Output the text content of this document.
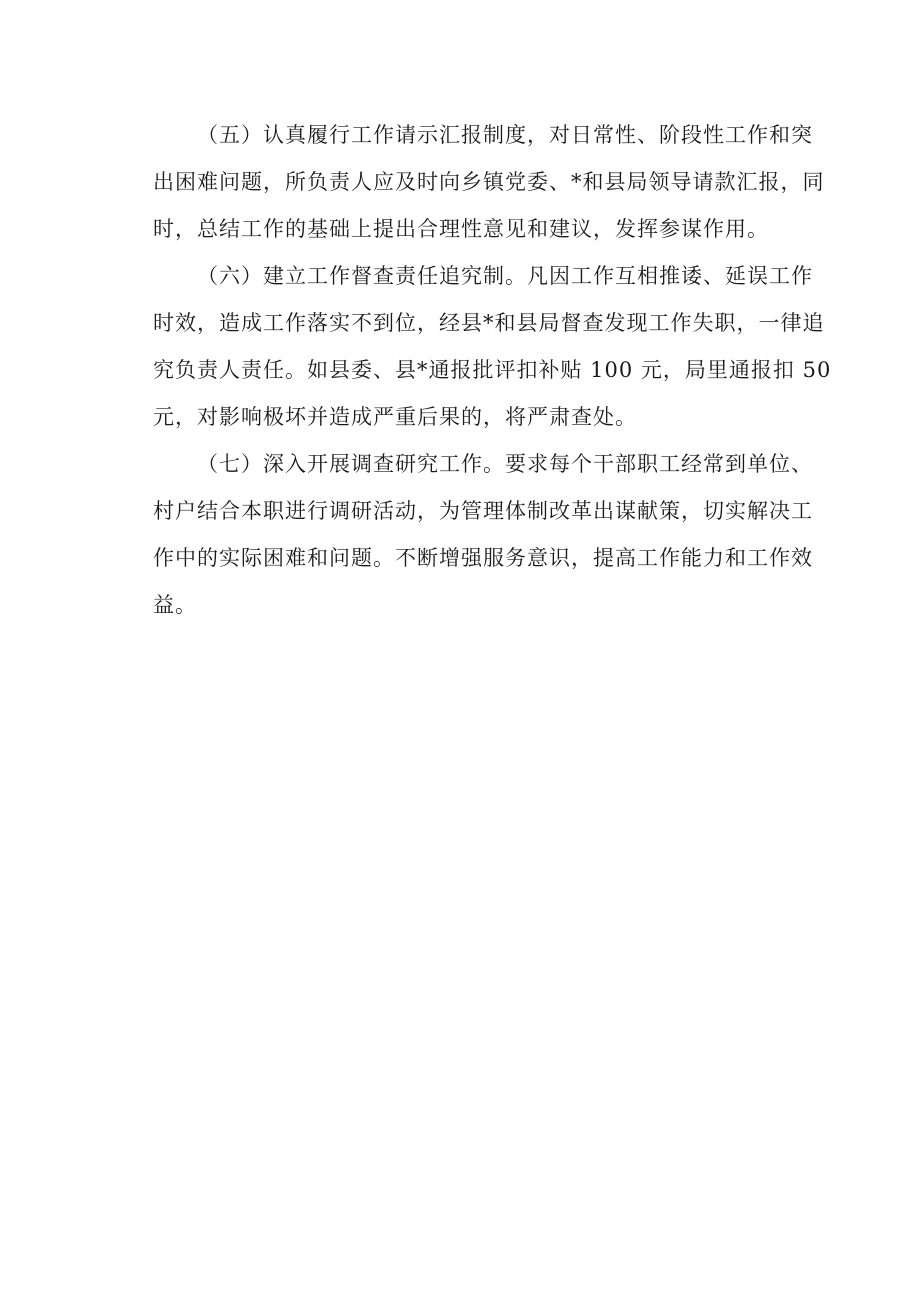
（五）认真履行工作请示汇报制度，对日常性、阶段性工作和突
出困难问题，所负责人应及时向乡镇党委、*和县局领导请款汇报，同
时，总结工作的基础上提出合理性意见和建议，发挥参谋作用。
（六）建立工作督查责任追究制。凡因工作互相推诿、延误工作
时效，造成工作落实不到位，经县*和县局督查发现工作失职，一律追
究负责人责任。如县委、县*通报批评扣补贴 100 元，局里通报扣 50
元，对影响极坏并造成严重后果的，将严肃查处。
（七）深入开展调查研究工作。要求每个干部职工经常到单位、
村户结合本职进行调研活动，为管理体制改革出谋献策，切实解决工
作中的实际困难和问题。不断增强服务意识，提高工作能力和工作效
益。
